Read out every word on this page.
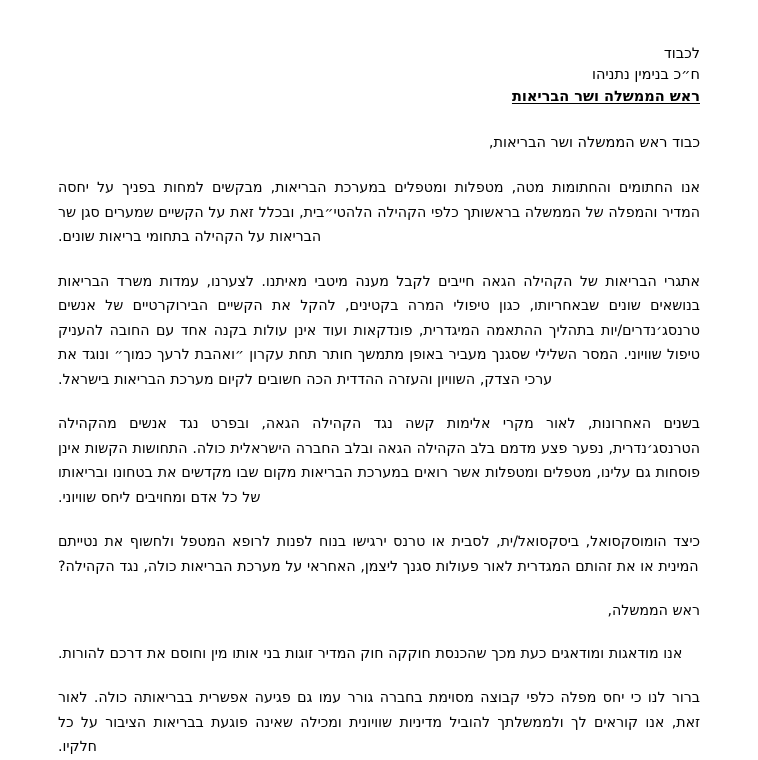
לכבוד
ח״כ בנימין נתניהו
ראש הממשלה ושר הבריאות
כבוד ראש הממשלה ושר הבריאות,

אנו החתומים והחתומות מטה, מטפלות ומטפלים במערכת הבריאות, מבקשים למחות בפניך על יחסה המדיר והמפלה של הממשלה בראשותך כלפי הקהילה הלהטי״בית, ובכלל זאת על הקשיים שמערים סגן שר הבריאות על הקהילה בתחומי בריאות שונים.

אתגרי הבריאות של הקהילה הגאה חייבים לקבל מענה מיטבי מאיתנו. לצערנו, עמדות משרד הבריאות בנושאים שונים שבאחריותו, כגון טיפולי המרה בקטינים, להקל את הקשיים הבירוקרטיים של אנשים טרנסג׳נדרים/יות בתהליך ההתאמה המיגדרית, פונדקאות ועוד אינן עולות בקנה אחד עם החובה להעניק טיפול שוויוני. המסר השלילי שסגנך מעביר באופן מתמשך חותר תחת עקרון ״ואהבת לרעך כמוך״ ונוגד את ערכי הצדק, השוויון והעזרה ההדדית הכה חשובים לקיום מערכת הבריאות בישראל.

בשנים האחרונות, לאור מקרי אלימות קשה נגד הקהילה הגאה, ובפרט נגד אנשים מהקהילה הטרנסג׳נדרית, נפער פצע מדמם בלב הקהילה הגאה ובלב החברה הישראלית כולה. התחושות הקשות אינן פוסחות גם עלינו, מטפלים ומטפלות אשר רואים במערכת הבריאות מקום שבו מקדשים את בטחונו ובריאותו של כל אדם ומחויבים ליחס שוויוני.

כיצד הומוסקסואל, ביסקסואל/ית, לסבית או טרנס ירגישו בנוח לפנות לרופא המטפל ולחשוף את נטייתם המינית או את זהותם המגדרית לאור פעולות סגנך ליצמן, האחראי על מערכת הבריאות כולה, נגד הקהילה?

ראש הממשלה,

אנו מודאגות ומודאגים כעת מכך שהכנסת חוקקה חוק המדיר זוגות בני אותו מין וחוסם את דרכם להורות.

ברור לנו כי יחס מפלה כלפי קבוצה מסוימת בחברה גורר עמו גם פגיעה אפשרית בבריאותה כולה. לאור זאת, אנו קוראים לך ולממשלתך להוביל מדיניות שוויונית ומכילה שאינה פוגעת בבריאות הציבור על כל חלקיו.
